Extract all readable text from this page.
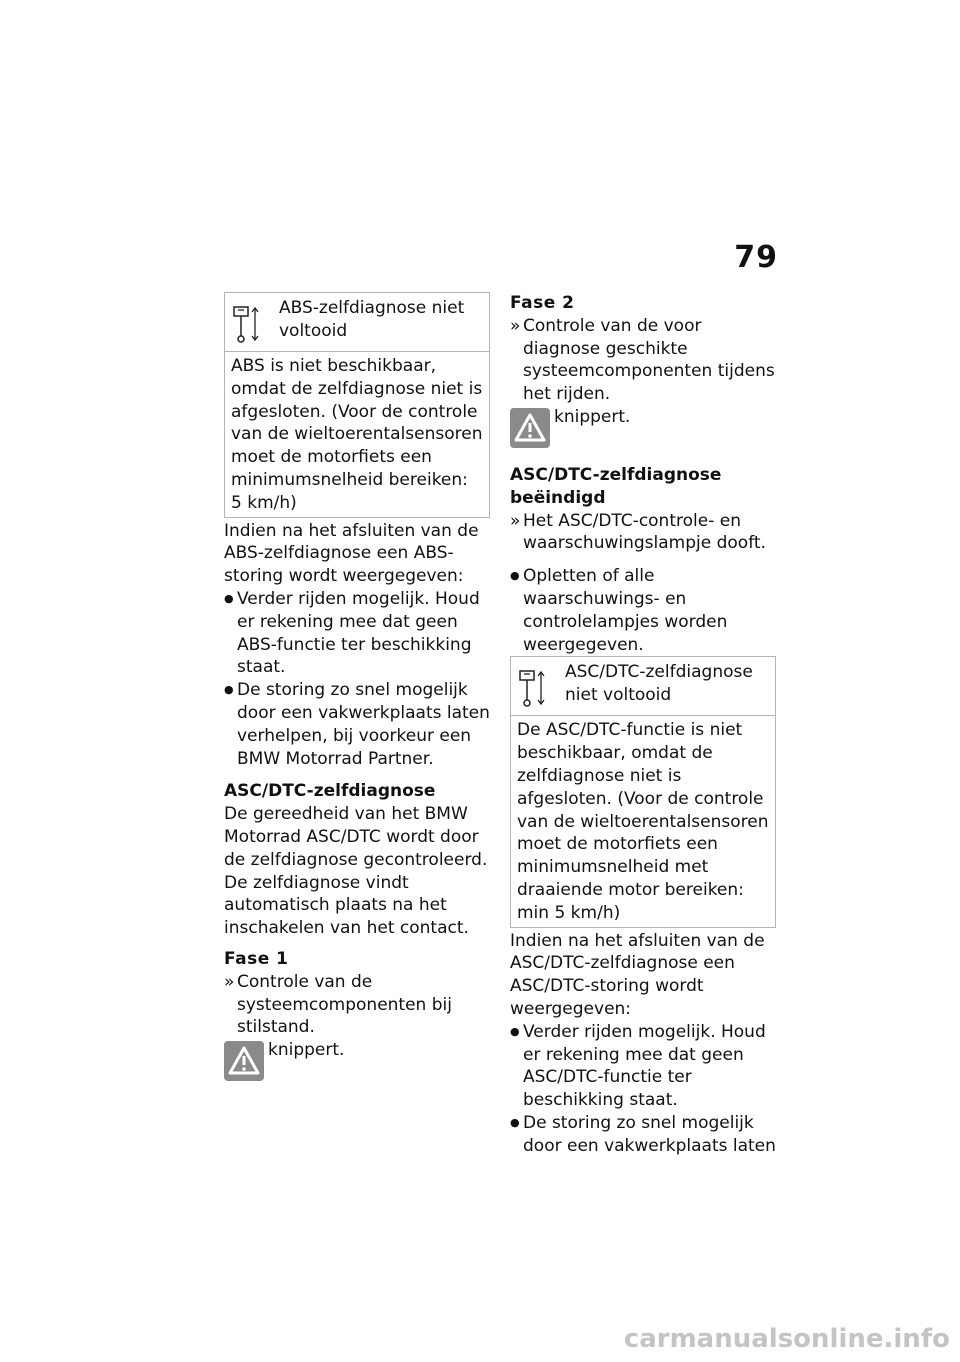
79
ABS-zelfdiagnose niet voltooid
ABS is niet beschikbaar, omdat de zelfdiagnose niet is afgesloten. (Voor de controle van de wieltoerentalsensoren moet de motorfiets een minimumsnelheid bereiken: 5 km/h)

Indien na het afsluiten van de ABS-zelfdiagnose een ABS-storing wordt weergegeven:

● Verder rijden mogelijk. Houd er rekening mee dat geen ABS-functie ter beschikking staat.
● De storing zo snel mogelijk door een vakwerkplaats laten verhelpen, bij voorkeur een BMW Motorrad Partner.

ASC/DTC-zelfdiagnose

De gereedheid van het BMW Motorrad ASC/DTC wordt door de zelfdiagnose gecontroleerd. De zelfdiagnose vindt automatisch plaats na het inschakelen van het contact.

Fase 1

» Controle van de systeemcomponenten bij stilstand.
knippert.

Fase 2

» Controle van de voor diagnose geschikte systeemcomponenten tijdens het rijden.
knippert.

ASC/DTC-zelfdiagnose beëindigd

» Het ASC/DTC-controle- en waarschuwingslampje dooft.
● Opletten of alle waarschuwings- en controlelampjes worden weergegeven.
ASC/DTC-zelfdiagnose niet voltooid
De ASC/DTC-functie is niet beschikbaar, omdat de zelfdiagnose niet is afgesloten. (Voor de controle van de wieltoerentalsensoren moet de motorfiets een minimumsnelheid met draaiende motor bereiken: min 5 km/h)

Indien na het afsluiten van de ASC/DTC-zelfdiagnose een ASC/DTC-storing wordt weergegeven:

● Verder rijden mogelijk. Houd er rekening mee dat geen ASC/DTC-functie ter beschikking staat.
● De storing zo snel mogelijk door een vakwerkplaats laten
carmanualsonline.info
